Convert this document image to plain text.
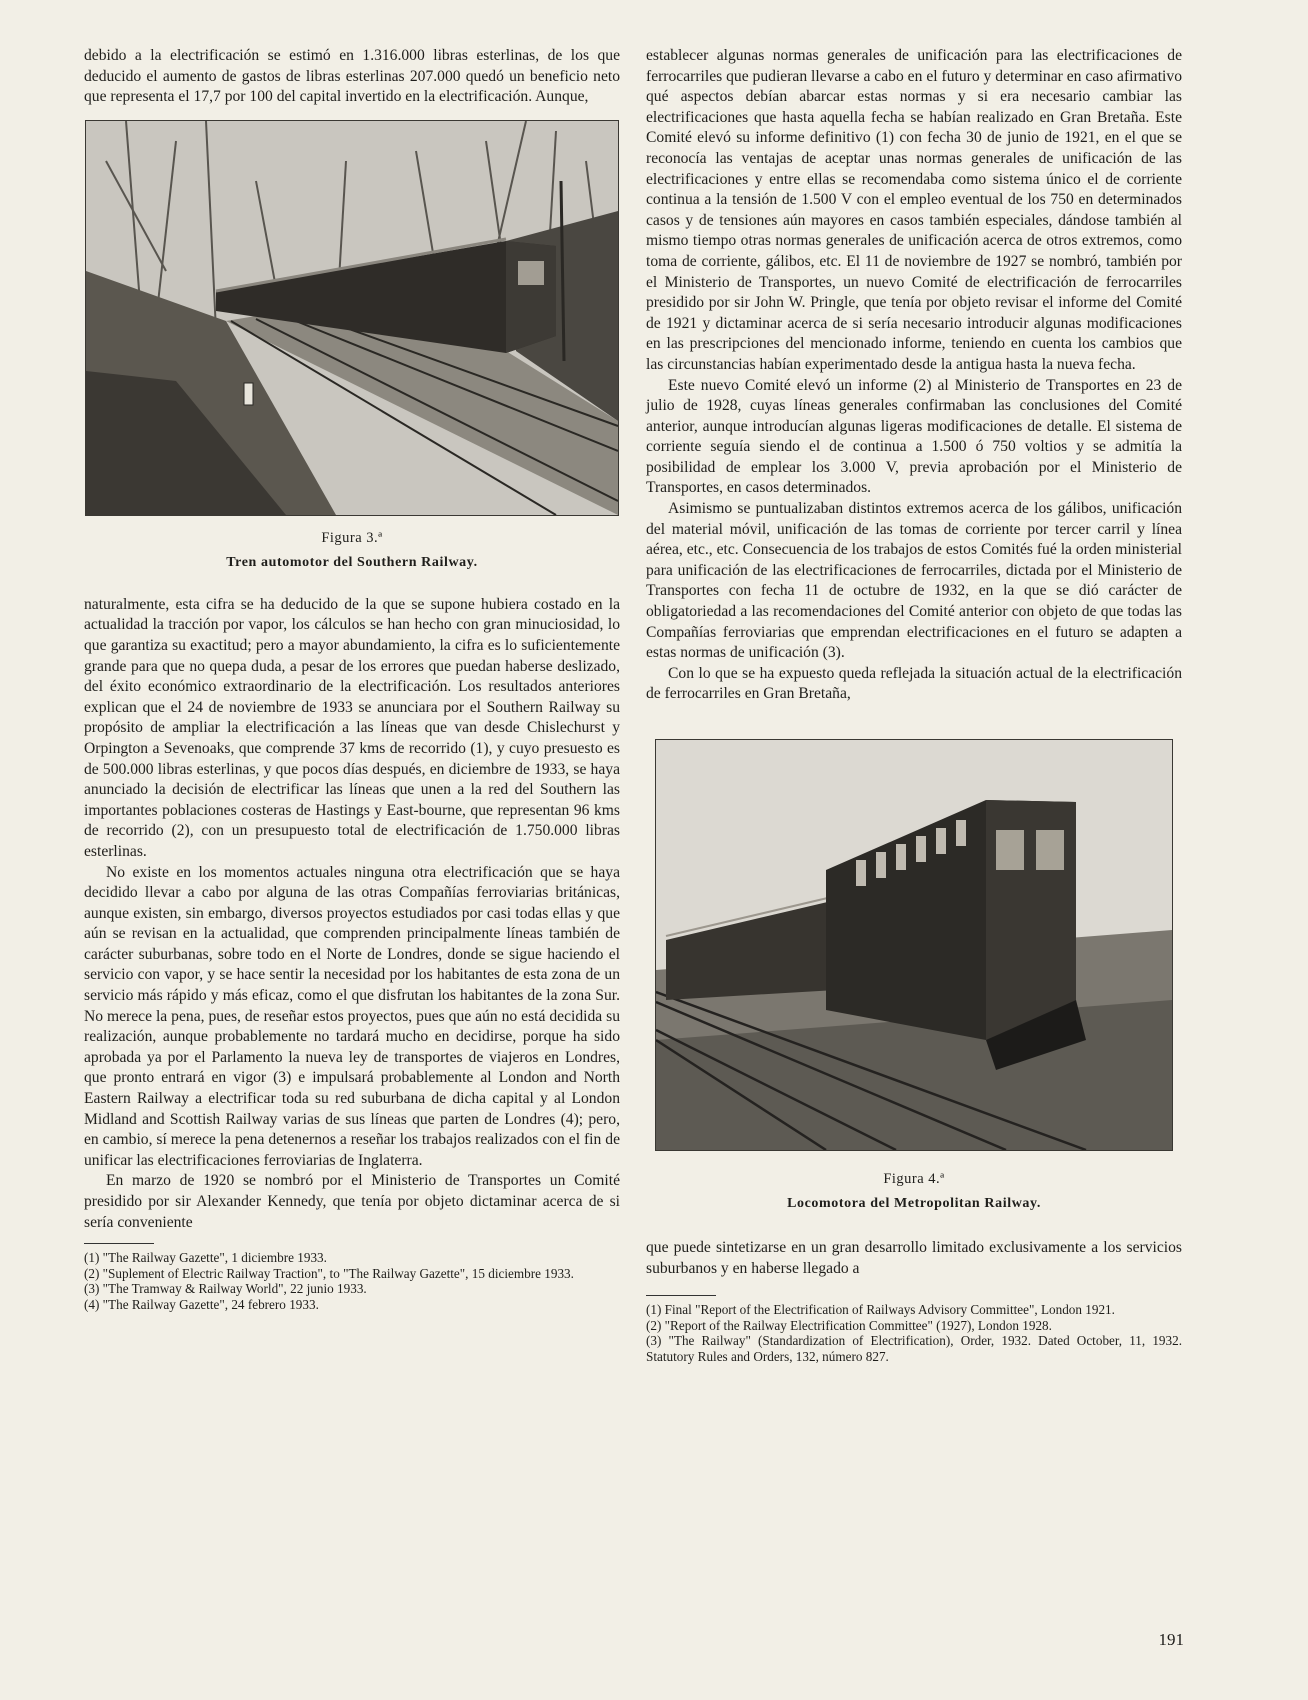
debido a la electrificación se estimó en 1.316.000 libras esterlinas, de los que deducido el aumento de gastos de libras esterlinas 207.000 quedó un beneficio neto que representa el 17,7 por 100 del capital invertido en la electrificación. Aunque,

Figura 3.ª
Tren automotor del Southern Railway.

naturalmente, esta cifra se ha deducido de la que se supone hubiera costado en la actualidad la tracción por vapor, los cálculos se han hecho con gran minuciosidad, lo que garantiza su exactitud; pero a mayor abundamiento, la cifra es lo suficientemente grande para que no quepa duda, a pesar de los errores que puedan haberse deslizado, del éxito económico extraordinario de la electrificación. Los resultados anteriores explican que el 24 de noviembre de 1933 se anunciara por el Southern Railway su propósito de ampliar la electrificación a las líneas que van desde Chislechurst y Orpington a Sevenoaks, que comprende 37 kms de recorrido (1), y cuyo presuesto es de 500.000 libras esterlinas, y que pocos días después, en diciembre de 1933, se haya anunciado la decisión de electrificar las líneas que unen a la red del Southern las importantes poblaciones costeras de Hastings y East-bourne, que representan 96 kms de recorrido (2), con un presupuesto total de electrificación de 1.750.000 libras esterlinas.

No existe en los momentos actuales ninguna otra electrificación que se haya decidido llevar a cabo por alguna de las otras Compañías ferroviarias británicas, aunque existen, sin embargo, diversos proyectos estudiados por casi todas ellas y que aún se revisan en la actualidad, que comprenden principalmente líneas también de carácter suburbanas, sobre todo en el Norte de Londres, donde se sigue haciendo el servicio con vapor, y se hace sentir la necesidad por los habitantes de esta zona de un servicio más rápido y más eficaz, como el que disfrutan los habitantes de la zona Sur. No merece la pena, pues, de reseñar estos proyectos, pues que aún no está decidida su realización, aunque probablemente no tardará mucho en decidirse, porque ha sido aprobada ya por el Parlamento la nueva ley de transportes de viajeros en Londres, que pronto entrará en vigor (3) e impulsará probablemente al London and North Eastern Railway a electrificar toda su red suburbana de dicha capital y al London Midland and Scottish Railway varias de sus líneas que parten de Londres (4); pero, en cambio, sí merece la pena detenernos a reseñar los trabajos realizados con el fin de unificar las electrificaciones ferroviarias de Inglaterra.

En marzo de 1920 se nombró por el Ministerio de Transportes un Comité presidido por sir Alexander Kennedy, que tenía por objeto dictaminar acerca de si sería conveniente

(1) "The Railway Gazette", 1 diciembre 1933.
(2) "Suplement of Electric Railway Traction", to "The Railway Gazette", 15 diciembre 1933.
(3) "The Tramway & Railway World", 22 junio 1933.
(4) "The Railway Gazette", 24 febrero 1933.

establecer algunas normas generales de unificación para las electrificaciones de ferrocarriles que pudieran llevarse a cabo en el futuro y determinar en caso afirmativo qué aspectos debían abarcar estas normas y si era necesario cambiar las electrificaciones que hasta aquella fecha se habían realizado en Gran Bretaña. Este Comité elevó su informe definitivo (1) con fecha 30 de junio de 1921, en el que se reconocía las ventajas de aceptar unas normas generales de unificación de las electrificaciones y entre ellas se recomendaba como sistema único el de corriente continua a la tensión de 1.500 V con el empleo eventual de los 750 en determinados casos y de tensiones aún mayores en casos también especiales, dándose también al mismo tiempo otras normas generales de unificación acerca de otros extremos, como toma de corriente, gálibos, etc. El 11 de noviembre de 1927 se nombró, también por el Ministerio de Transportes, un nuevo Comité de electrificación de ferrocarriles presidido por sir John W. Pringle, que tenía por objeto revisar el informe del Comité de 1921 y dictaminar acerca de si sería necesario introducir algunas modificaciones en las prescripciones del mencionado informe, teniendo en cuenta los cambios que las circunstancias habían experimentado desde la antigua hasta la nueva fecha.

Este nuevo Comité elevó un informe (2) al Ministerio de Transportes en 23 de julio de 1928, cuyas líneas generales confirmaban las conclusiones del Comité anterior, aunque introducían algunas ligeras modificaciones de detalle. El sistema de corriente seguía siendo el de continua a 1.500 ó 750 voltios y se admitía la posibilidad de emplear los 3.000 V, previa aprobación por el Ministerio de Transportes, en casos determinados.

Asimismo se puntualizaban distintos extremos acerca de los gálibos, unificación del material móvil, unificación de las tomas de corriente por tercer carril y línea aérea, etc., etc. Consecuencia de los trabajos de estos Comités fué la orden ministerial para unificación de las electrificaciones de ferrocarriles, dictada por el Ministerio de Transportes con fecha 11 de octubre de 1932, en la que se dió carácter de obligatoriedad a las recomendaciones del Comité anterior con objeto de que todas las Compañías ferroviarias que emprendan electrificaciones en el futuro se adapten a estas normas de unificación (3).

Con lo que se ha expuesto queda reflejada la situación actual de la electrificación de ferrocarriles en Gran Bretaña,

Figura 4.ª
Locomotora del Metropolitan Railway.

que puede sintetizarse en un gran desarrollo limitado exclusivamente a los servicios suburbanos y en haberse llegado a

(1) Final "Report of the Electrification of Railways Advisory Committee", London 1921.
(2) "Report of the Railway Electrification Committee" (1927), London 1928.
(3) "The Railway" (Standardization of Electrification), Order, 1932. Dated October, 11, 1932. Statutory Rules and Orders, 132, número 827.
191
